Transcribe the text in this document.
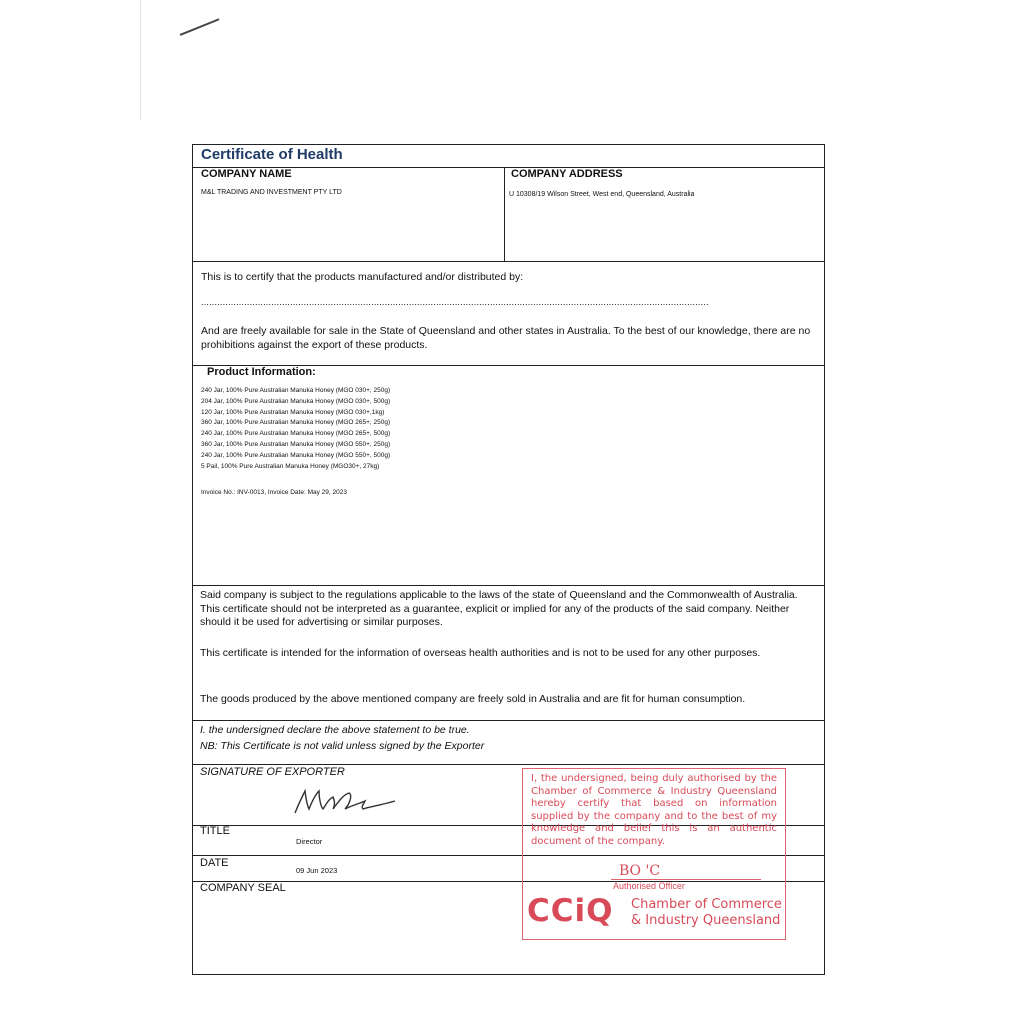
Certificate of Health
COMPANY NAME	COMPANY ADDRESS
M&L TRADING AND INVESTMENT PTY LTD	U 10308/19 Wilson Street, West end, Queensland, Australia
This is to certify that the products manufactured and/or distributed by:
............................................................................................................................................................................................
And are freely available for sale in the State of Queensland and other states in Australia. To the best of our knowledge, there are no prohibitions against the export of these products.
Product Information:
240 Jar, 100% Pure Australian Manuka Honey (MGO 030+, 250g)
204 Jar, 100% Pure Australian Manuka Honey (MGO 030+, 500g)
120 Jar, 100% Pure Australian Manuka Honey (MGO 030+,1kg)
360 Jar, 100% Pure Australian Manuka Honey (MGO 265+, 250g)
240 Jar, 100% Pure Australian Manuka Honey (MGO 265+, 500g)
360 Jar, 100% Pure Australian Manuka Honey (MGO 550+, 250g)
240 Jar, 100% Pure Australian Manuka Honey (MGO 550+, 500g)
5 Pail, 100% Pure Australian Manuka Honey (MGO30+, 27kg)
Invoice No.: INV-0013, Invoice Date: May 29, 2023
Said company is subject to the regulations applicable to the laws of the state of Queensland and the Commonwealth of Australia. This certificate should not be interpreted as a guarantee, explicit or implied for any of the products of the said company. Neither should it be used for advertising or similar purposes.
This certificate is intended for the information of overseas health authorities and is not to be used for any other purposes.
The goods produced by the above mentioned company are freely sold in Australia and are fit for human consumption.
I. the undersigned declare the above statement to be true.
NB: This Certificate is not valid unless signed by the Exporter
SIGNATURE OF EXPORTER
TITLE
Director
DATE
09 Jun 2023
COMPANY SEAL
I, the undersigned, being duly authorised by the Chamber of Commerce & Industry Queensland hereby certify that based on information supplied by the company and to the best of my knowledge and belief this is an authentic document of the company.
BO 'C
Authorised Officer
CCiQ Chamber of Commerce
& Industry Queensland
